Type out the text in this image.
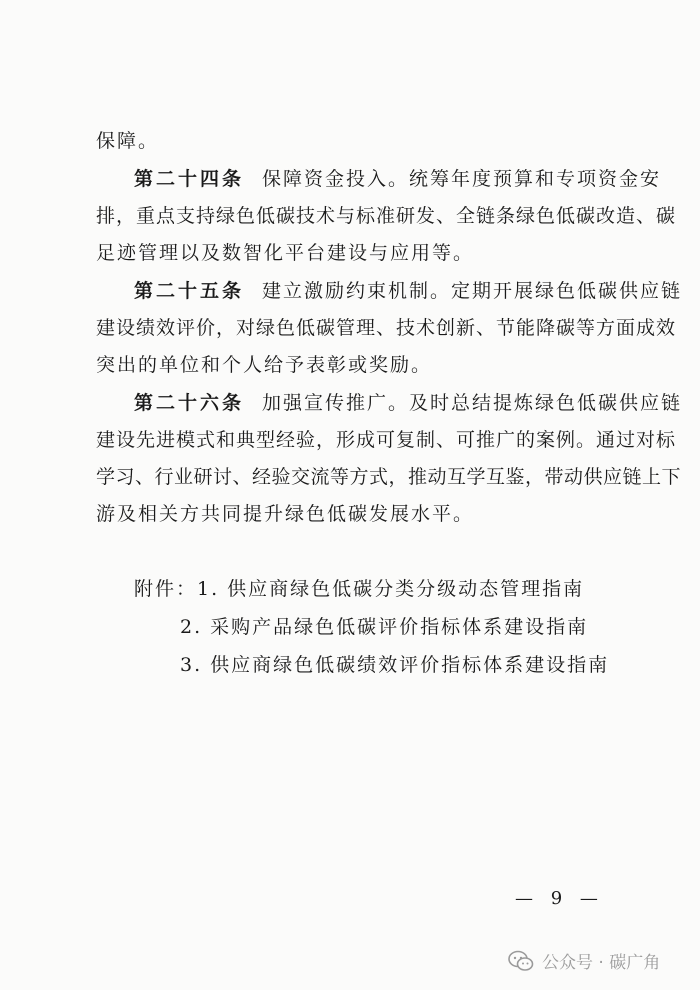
保障。
第二十四条 保障资金投入。统筹年度预算和专项资金安
排，重点支持绿色低碳技术与标准研发、全链条绿色低碳改造、碳
足迹管理以及数智化平台建设与应用等。
第二十五条 建立激励约束机制。定期开展绿色低碳供应链
建设绩效评价，对绿色低碳管理、技术创新、节能降碳等方面成效
突出的单位和个人给予表彰或奖励。
第二十六条 加强宣传推广。及时总结提炼绿色低碳供应链
建设先进模式和典型经验，形成可复制、可推广的案例。通过对标
学习、行业研讨、经验交流等方式，推动互学互鉴，带动供应链上下
游及相关方共同提升绿色低碳发展水平。
附件： 1. 供应商绿色低碳分类分级动态管理指南
2. 采购产品绿色低碳评价指标体系建设指南
3. 供应商绿色低碳绩效评价指标体系建设指南
— 9 —
公众号 · 碳广角
